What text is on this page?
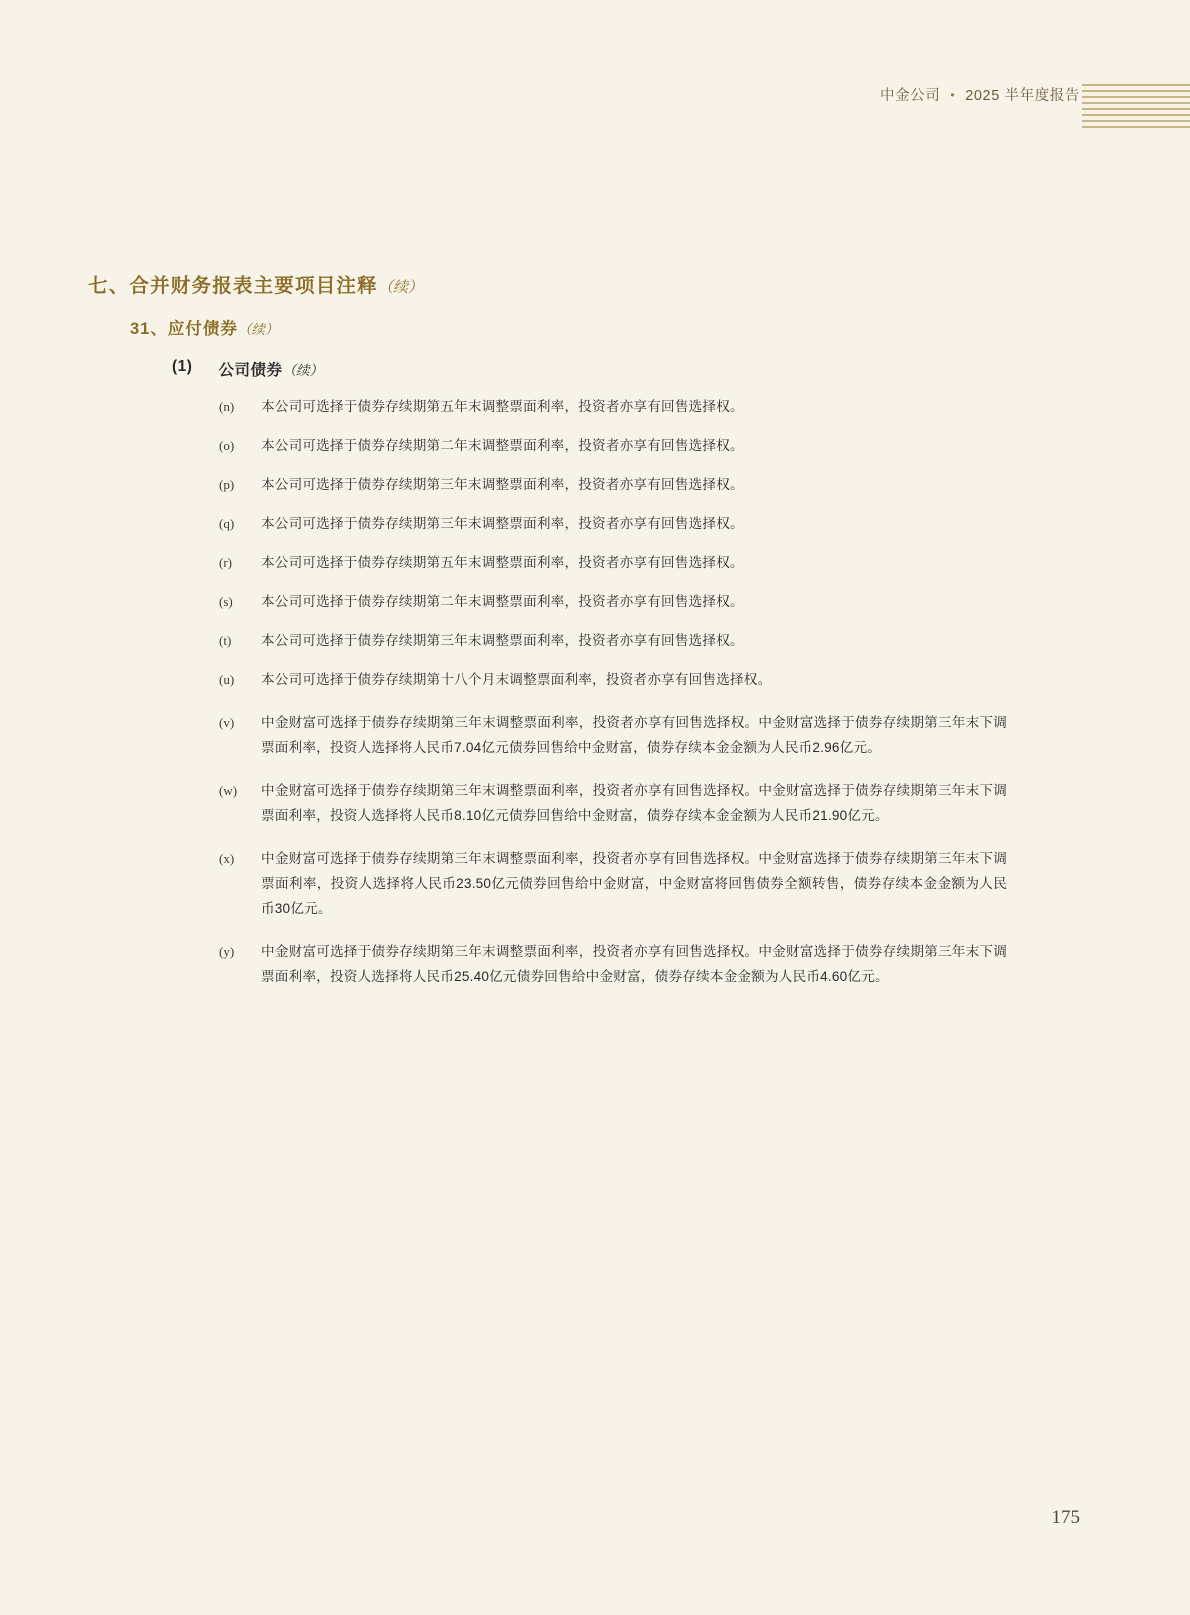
中金公司 • 2025 半年度报告
七、合并财务报表主要项目注释（续）
31、应付债券（续）
(1) 公司债券（续）
(n)	本公司可选择于债券存续期第五年末调整票面利率，投资者亦享有回售选择权。
(o)	本公司可选择于债券存续期第二年末调整票面利率，投资者亦享有回售选择权。
(p)	本公司可选择于债券存续期第三年末调整票面利率，投资者亦享有回售选择权。
(q)	本公司可选择于债券存续期第三年末调整票面利率，投资者亦享有回售选择权。
(r)	本公司可选择于债券存续期第五年末调整票面利率，投资者亦享有回售选择权。
(s)	本公司可选择于债券存续期第二年末调整票面利率，投资者亦享有回售选择权。
(t)	本公司可选择于债券存续期第三年末调整票面利率，投资者亦享有回售选择权。
(u)	本公司可选择于债券存续期第十八个月末调整票面利率，投资者亦享有回售选择权。
(v)	中金财富可选择于债券存续期第三年末调整票面利率，投资者亦享有回售选择权。中金财富选择于债券存续期第三年末下调票面利率，投资人选择将人民币7.04亿元债券回售给中金财富，债券存续本金金额为人民币2.96亿元。
(w)	中金财富可选择于债券存续期第三年末调整票面利率，投资者亦享有回售选择权。中金财富选择于债券存续期第三年末下调票面利率，投资人选择将人民币8.10亿元债券回售给中金财富，债券存续本金金额为人民币21.90亿元。
(x)	中金财富可选择于债券存续期第三年末调整票面利率，投资者亦享有回售选择权。中金财富选择于债券存续期第三年末下调票面利率，投资人选择将人民币23.50亿元债券回售给中金财富，中金财富将回售债券全额转售，债券存续本金金额为人民币30亿元。
(y)	中金财富可选择于债券存续期第三年末调整票面利率，投资者亦享有回售选择权。中金财富选择于债券存续期第三年末下调票面利率，投资人选择将人民币25.40亿元债券回售给中金财富，债券存续本金金额为人民币4.60亿元。
175
